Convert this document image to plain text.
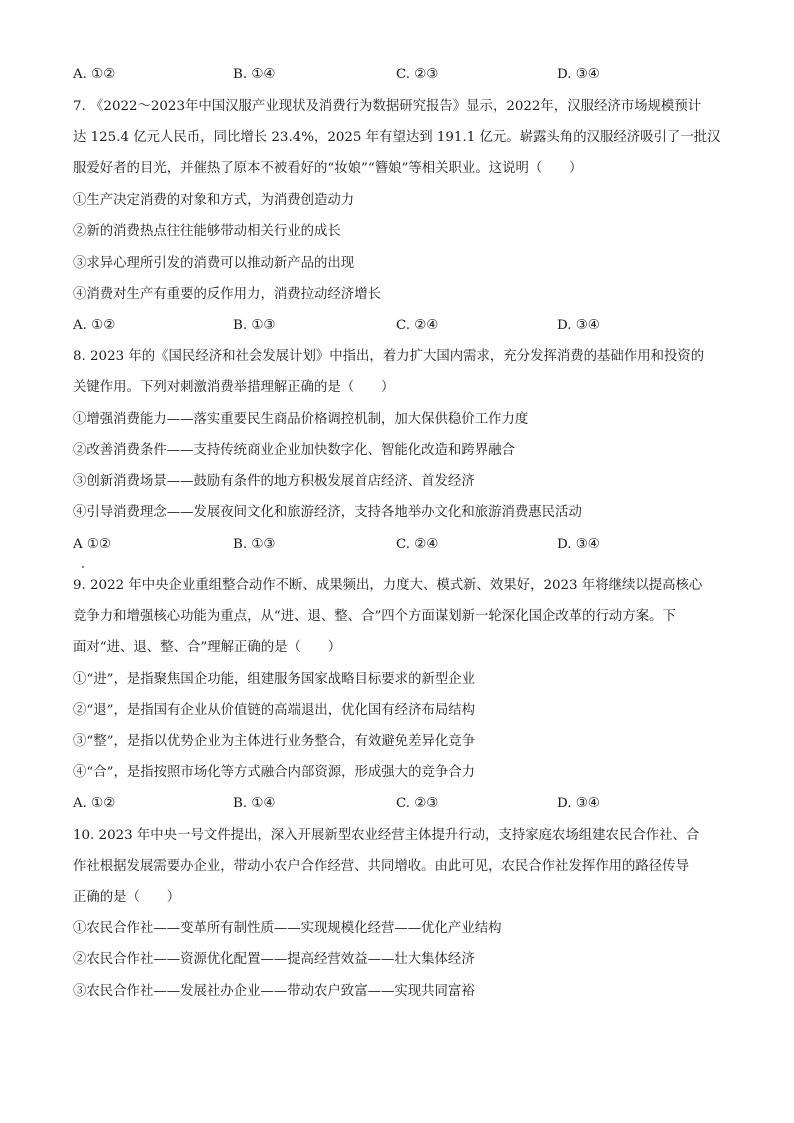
A. ①②	B. ①④	C. ②③	D. ③④
7. 《2022～2023年中国汉服产业现状及消费行为数据研究报告》显示，2022年，汉服经济市场规模预计
达 125.4 亿元人民币，同比增长 23.4%，2025 年有望达到 191.1 亿元。崭露头角的汉服经济吸引了一批汉
服爱好者的目光，并催热了原本不被看好的“妆娘”“簪娘”等相关职业。这说明（　　）
①生产决定消费的对象和方式，为消费创造动力
②新的消费热点往往能够带动相关行业的成长
③求异心理所引发的消费可以推动新产品的出现
④消费对生产有重要的反作用力，消费拉动经济增长
A. ①②	B. ①③	C. ②④	D. ③④
8. 2023 年的《国民经济和社会发展计划》中指出，着力扩大国内需求，充分发挥消费的基础作用和投资的
关键作用。下列对刺激消费举措理解正确的是（　　）
①增强消费能力——落实重要民生商品价格调控机制，加大保供稳价工作力度
②改善消费条件——支持传统商业企业加快数字化、智能化改造和跨界融合
③创新消费场景——鼓励有条件的地方积极发展首店经济、首发经济
④引导消费理念——发展夜间文化和旅游经济，支持各地举办文化和旅游消费惠民活动
A ①②	B. ①③	C. ②④	D. ③④
9. 2022 年中央企业重组整合动作不断、成果频出，力度大、模式新、效果好，2023 年将继续以提高核心
竞争力和增强核心功能为重点，从“进、退、整、合”四个方面谋划新一轮深化国企改革的行动方案。下
面对“进、退、整、合”理解正确的是（　　）
①“进”，是指聚焦国企功能，组建服务国家战略目标要求的新型企业
②“退”，是指国有企业从价值链的高端退出，优化国有经济布局结构
③“整”，是指以优势企业为主体进行业务整合，有效避免差异化竞争
④“合”，是指按照市场化等方式融合内部资源，形成强大的竞争合力
A. ①②	B. ①④	C. ②③	D. ③④
10. 2023 年中央一号文件提出，深入开展新型农业经营主体提升行动，支持家庭农场组建农民合作社、合
作社根据发展需要办企业，带动小农户合作经营、共同增收。由此可见，农民合作社发挥作用的路径传导
正确的是（　　）
①农民合作社——变革所有制性质——实现规模化经营——优化产业结构
②农民合作社——资源优化配置——提高经营效益——壮大集体经济
③农民合作社——发展社办企业——带动农户致富——实现共同富裕
